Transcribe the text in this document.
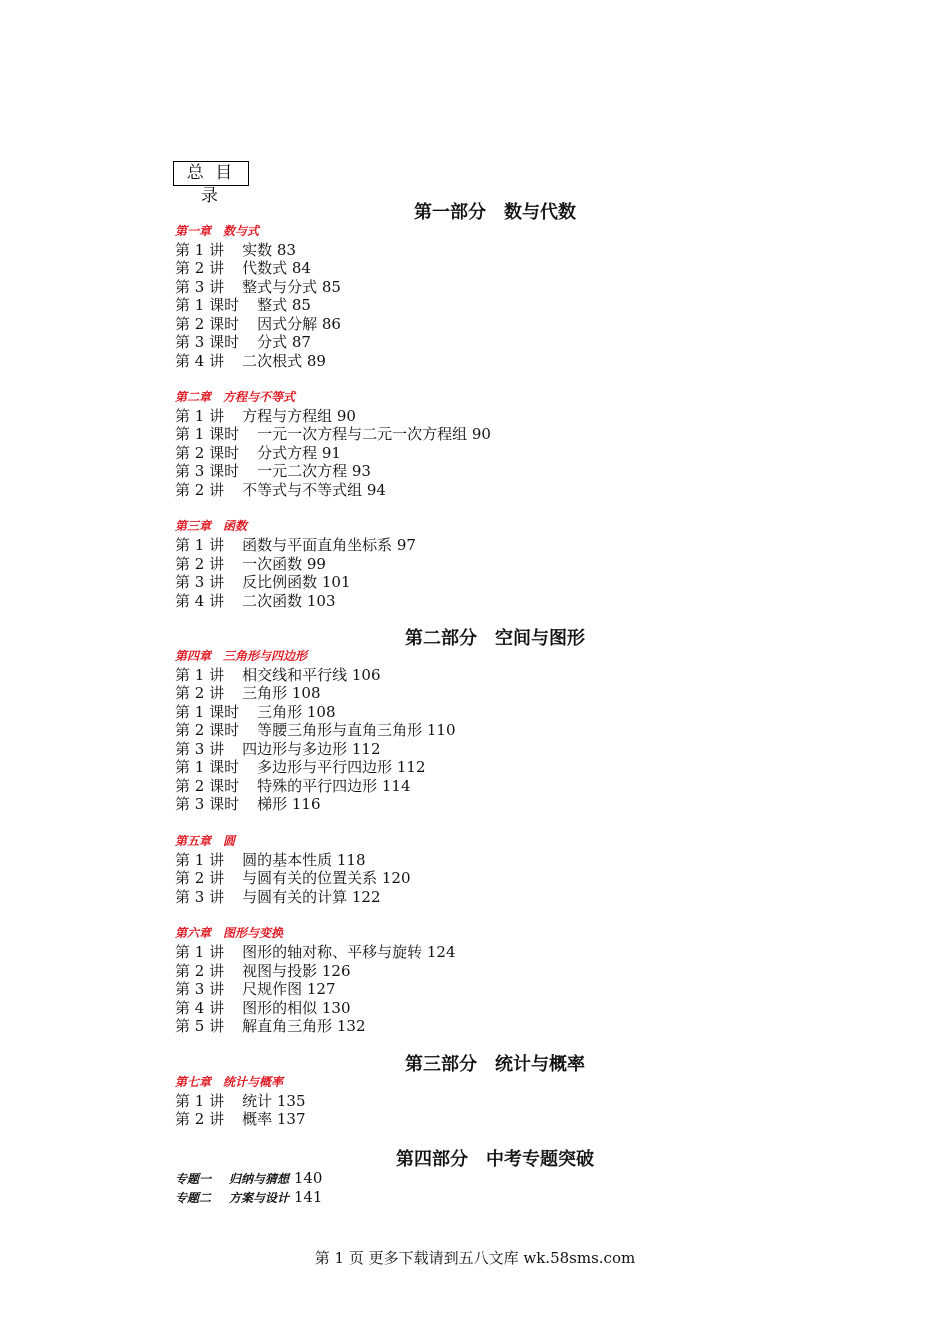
总 目 录
第一部分　数与代数
第一章　数与式
第 1 讲 实数 83
第 2 讲 代数式 84
第 3 讲 整式与分式 85
第 1 课时 整式 85
第 2 课时 因式分解 86
第 3 课时 分式 87
第 4 讲 二次根式 89
第二章　方程与不等式
第 1 讲 方程与方程组 90
第 1 课时 一元一次方程与二元一次方程组 90
第 2 课时 分式方程 91
第 3 课时 一元二次方程 93
第 2 讲 不等式与不等式组 94
第三章　函数
第 1 讲 函数与平面直角坐标系 97
第 2 讲 一次函数 99
第 3 讲 反比例函数 101
第 4 讲 二次函数 103
第二部分　空间与图形
第四章　三角形与四边形
第 1 讲 相交线和平行线 106
第 2 讲 三角形 108
第 1 课时 三角形 108
第 2 课时 等腰三角形与直角三角形 110
第 3 讲 四边形与多边形 112
第 1 课时 多边形与平行四边形 112
第 2 课时 特殊的平行四边形 114
第 3 课时 梯形 116
第五章　圆
第 1 讲 圆的基本性质 118
第 2 讲 与圆有关的位置关系 120
第 3 讲 与圆有关的计算 122
第六章　图形与变换
第 1 讲 图形的轴对称、平移与旋转 124
第 2 讲 视图与投影 126
第 3 讲 尺规作图 127
第 4 讲 图形的相似 130
第 5 讲 解直角三角形 132
第三部分　统计与概率
第七章　统计与概率
第 1 讲 统计 135
第 2 讲 概率 137
第四部分　中考专题突破
专题一 归纳与猜想 140
专题二 方案与设计 141
第 1 页 更多下载请到五八文库 wk.58sms.com
